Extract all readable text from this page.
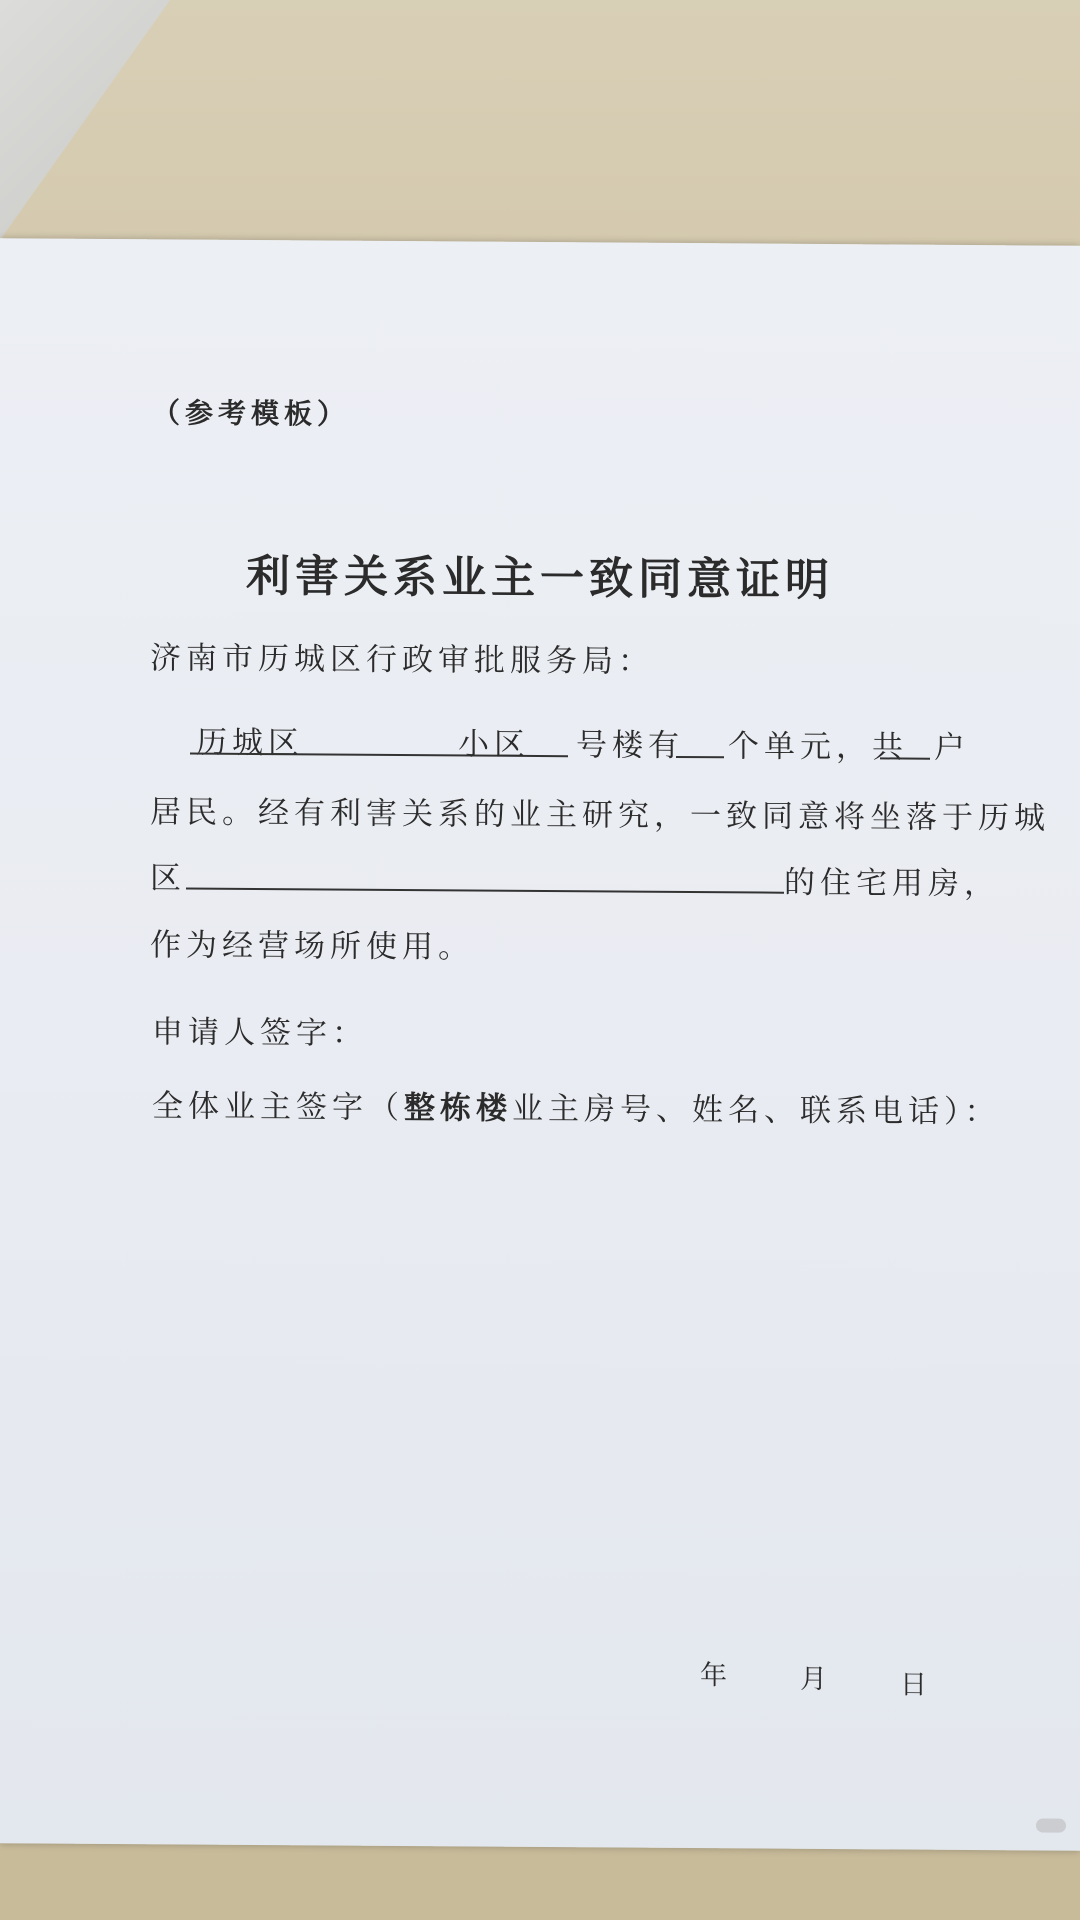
（参考模板）
利害关系业主一致同意证明
济南市历城区行政审批服务局：
历城区	小区 号楼有 个单元，共 户
居民。经有利害关系的业主研究，一致同意将坐落于历城
区	的住宅用房，
作为经营场所使用。
申请人签字：
全体业主签字（整栋楼业主房号、姓名、联系电话）：
年	月	日
